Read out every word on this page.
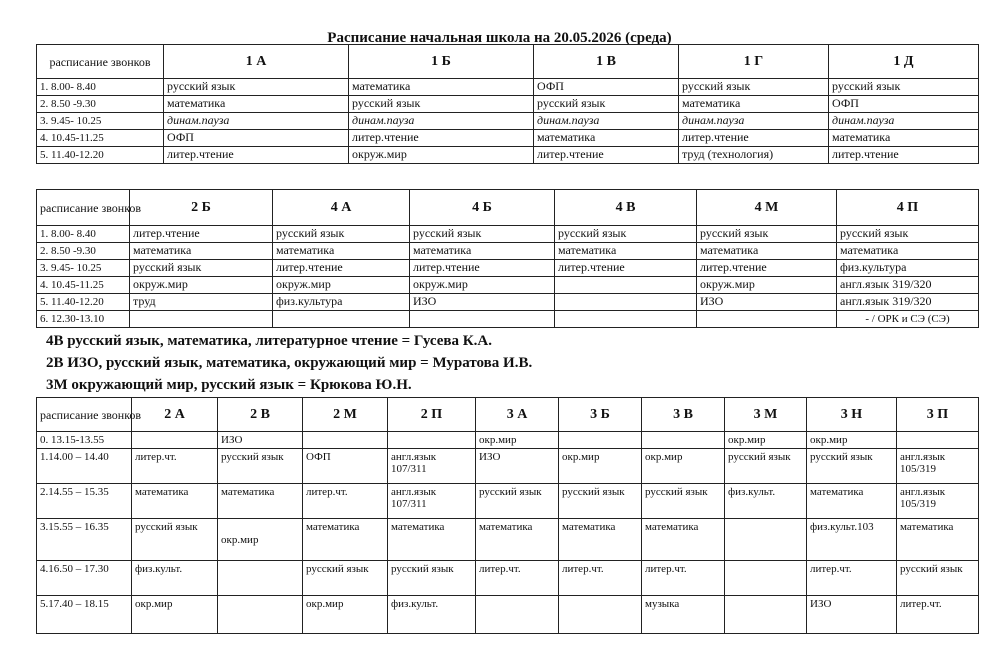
Расписание начальная школа на 20.05.2026 (среда)
расписание звонков	1 А	1 Б	1 В	1 Г	1 Д
1. 8.00- 8.40	русский язык	математика	ОФП	русский язык	русский язык
2. 8.50 -9.30	математика	русский язык	русский язык	математика	ОФП
3. 9.45- 10.25	динам.пауза	динам.пауза	динам.пауза	динам.пауза	динам.пауза
4. 10.45-11.25	ОФП	литер.чтение	математика	литер.чтение	математика
5. 11.40-12.20	литер.чтение	окруж.мир	литер.чтение	труд (технология)	литер.чтение
расписание звонков	2 Б	4 А	4 Б	4 В	4 М	4 П
1. 8.00- 8.40	литер.чтение	русский язык	русский язык	русский язык	русский язык	русский язык
2. 8.50 -9.30	математика	математика	математика	математика	математика	математика
3. 9.45- 10.25	русский язык	литер.чтение	литер.чтение	литер.чтение	литер.чтение	физ.культура
4. 10.45-11.25	окруж.мир	окруж.мир	окруж.мир		окруж.мир	англ.язык 319/320
5. 11.40-12.20	труд	физ.культура	ИЗО		ИЗО	англ.язык 319/320
6. 12.30-13.10						- / ОРК и СЭ (СЭ)
4В русский язык, математика, литературное чтение = Гусева К.А.
2В ИЗО, русский язык, математика, окружающий мир = Муратова И.В.
3М окружающий мир, русский язык = Крюкова Ю.Н.
расписание звонков	2 А	2 В	2 М	2 П	3 А	3 Б	3 В	3 М	3 Н	3 П
0. 13.15-13.55		ИЗО			окр.мир			окр.мир	окр.мир	
1.14.00 – 14.40	литер.чт.	русский язык	ОФП	англ.язык 107/311	ИЗО	окр.мир	окр.мир	русский язык	русский язык	англ.язык 105/319
2.14.55 – 15.35	математика	математика	литер.чт.	англ.язык 107/311	русский язык	русский язык	русский язык	физ.культ.	математика	англ.язык 105/319
3.15.55 – 16.35	русский язык	окр.мир	математика	математика	математика	математика	математика		физ.культ.103	математика
4.16.50 – 17.30	физ.культ.		русский язык	русский язык	литер.чт.	литер.чт.	литер.чт.		литер.чт.	русский язык
5.17.40 – 18.15	окр.мир		окр.мир	физ.культ.			музыка		ИЗО	литер.чт.
